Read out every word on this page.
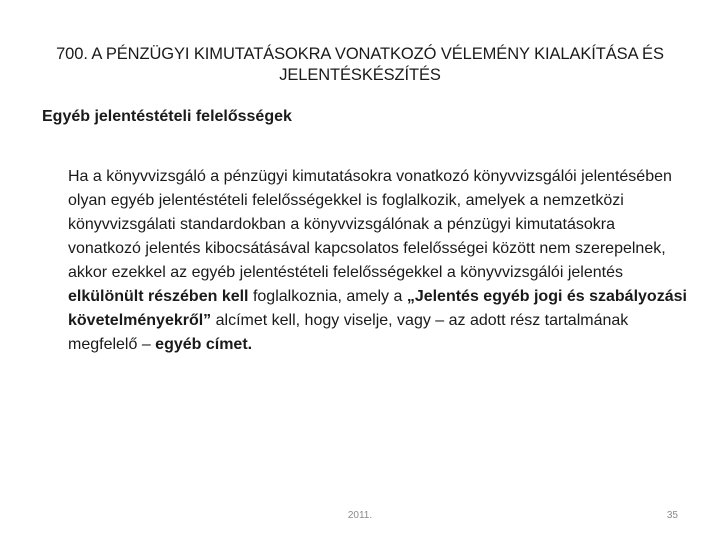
700. A PÉNZÜGYI KIMUTATÁSOKRA VONATKOZÓ VÉLEMÉNY KIALAKÍTÁSA ÉS
JELENTÉSKÉSZÍTÉS
Egyéb jelentéstételi felelősségek

Ha a könyvvizsgáló a pénzügyi kimutatásokra vonatkozó könyvvizsgálói jelentésében olyan egyéb jelentéstételi felelősségekkel is foglalkozik, amelyek a nemzetközi könyvvizsgálati standardokban a könyvvizsgálónak a pénzügyi kimutatásokra vonatkozó jelentés kibocsátásával kapcsolatos felelősségei között nem szerepelnek, akkor ezekkel az egyéb jelentéstételi felelősségekkel a könyvvizsgálói jelentés elkülönült részében kell foglalkoznia, amely a „Jelentés egyéb jogi és szabályozási követelményekről” alcímet kell, hogy viselje, vagy – az adott rész tartalmának megfelelő – egyéb címet.

2011.	35
